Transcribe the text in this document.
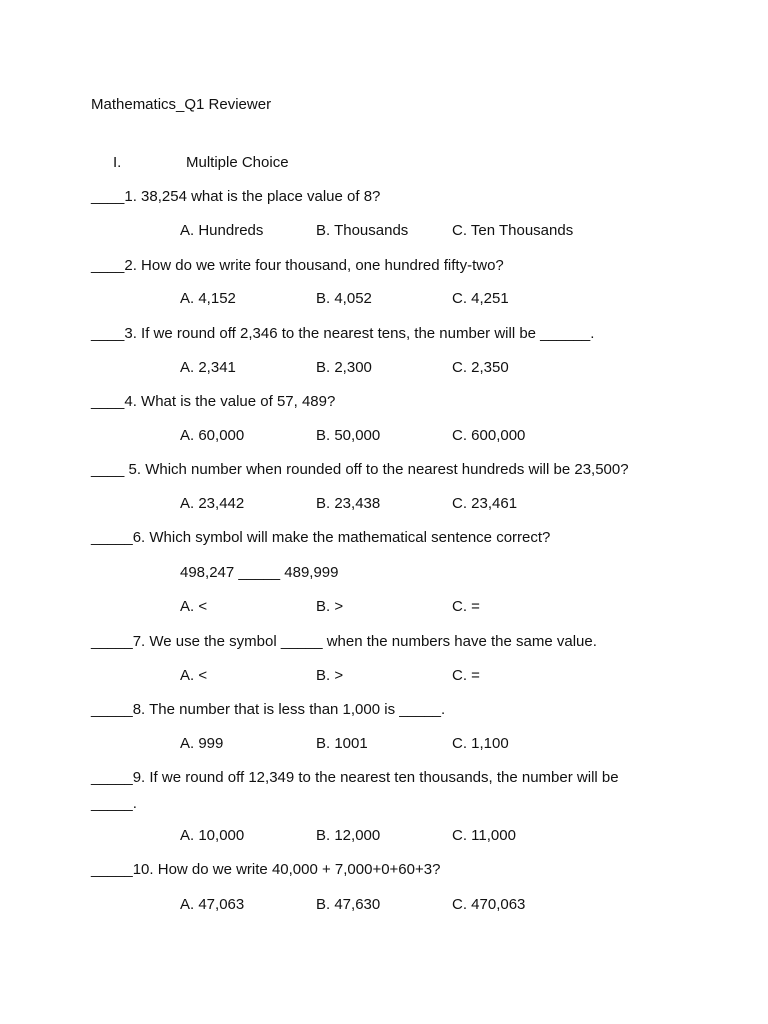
Mathematics_Q1 Reviewer
I.	Multiple Choice
____1. 38,254 what is the place value of 8?
A. Hundreds	B. Thousands	C. Ten Thousands
____2. How do we write four thousand, one hundred fifty-two?
A. 4,152	B. 4,052	C. 4,251
____3. If we round off 2,346 to the nearest tens, the number will be ______.
A. 2,341	B. 2,300	C. 2,350
____4. What is the value of 57, 489?
A. 60,000	B. 50,000	C. 600,000
____ 5. Which number when rounded off to the nearest hundreds will be 23,500?
A. 23,442	B. 23,438	C. 23,461
_____6. Which symbol will make the mathematical sentence correct?
498,247 _____ 489,999
A. <	B. >	C. =
_____7. We use the symbol _____ when the numbers have the same value.
A. <	B. >	C. =
_____8. The number that is less than 1,000 is _____.
A. 999	B. 1001	C. 1,100
_____9. If we round off 12,349 to the nearest ten thousands, the number will be
_____.
A. 10,000	B. 12,000	C. 11,000
_____10. How do we write 40,000 + 7,000+0+60+3?
A. 47,063	B. 47,630	C. 470,063
